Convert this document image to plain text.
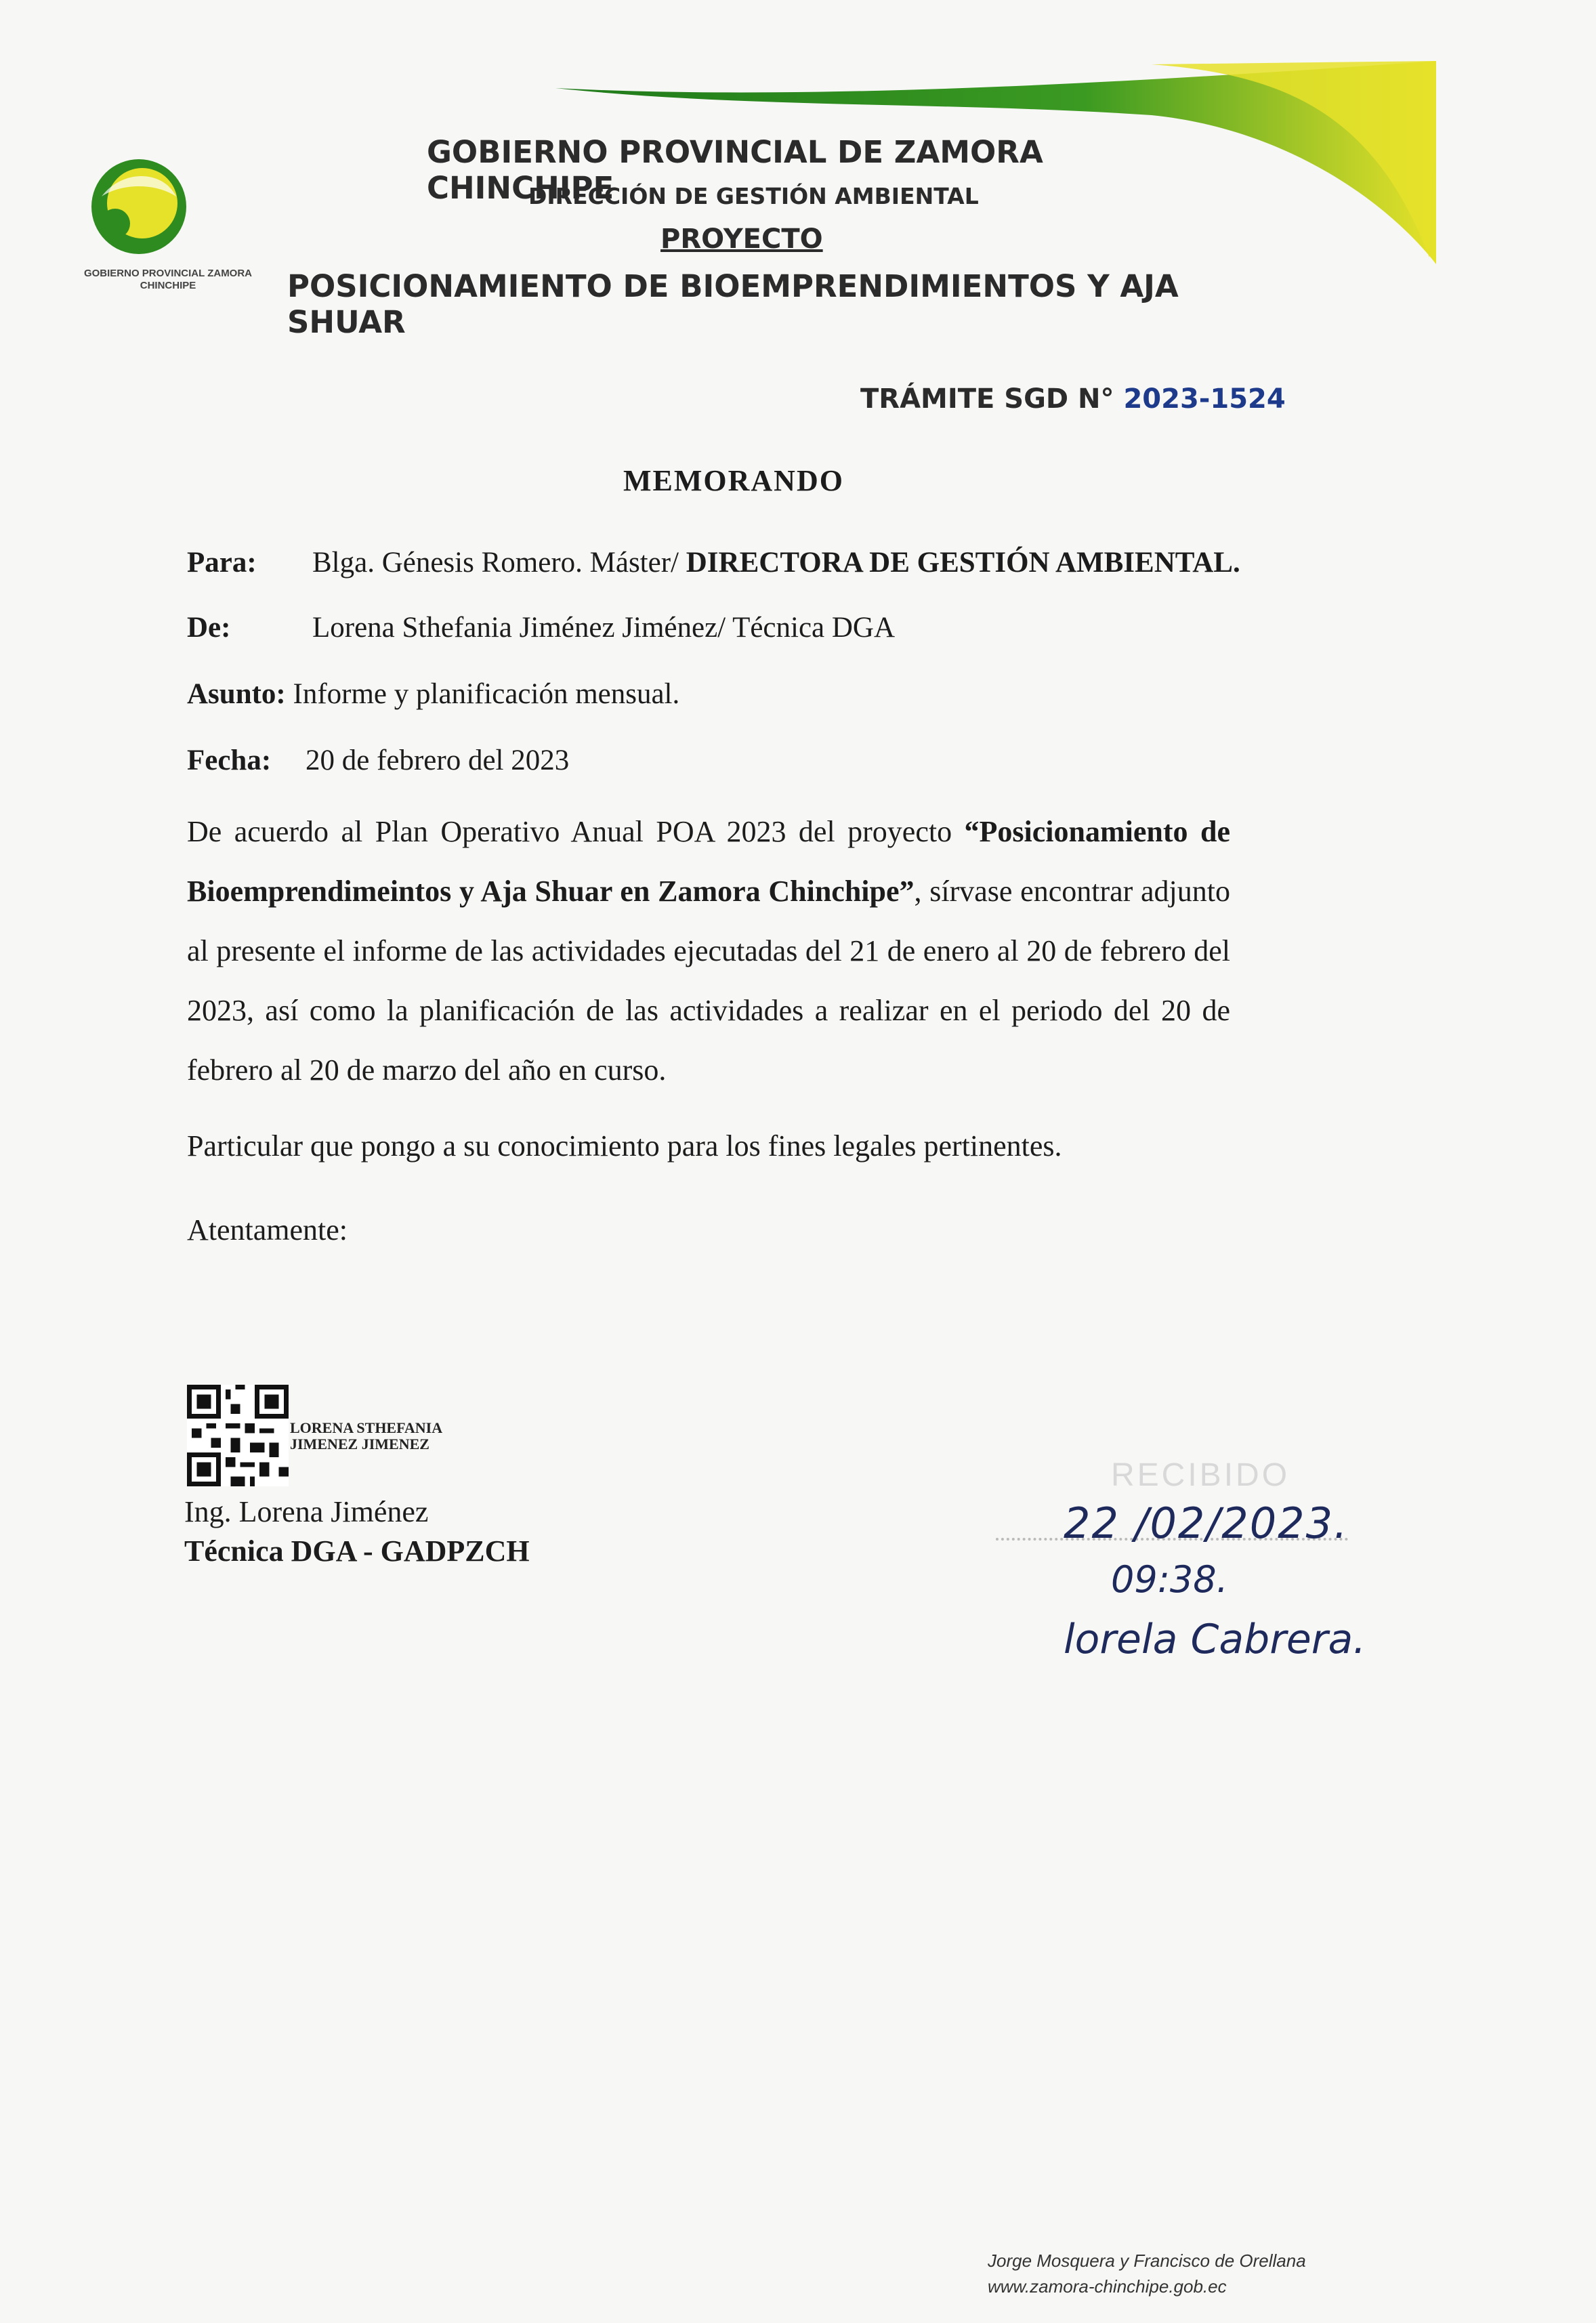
GOBIERNO PROVINCIAL ZAMORA CHINCHIPE
GOBIERNO PROVINCIAL DE ZAMORA CHINCHIPE
DIRECCIÓN DE GESTIÓN AMBIENTAL
PROYECTO
POSICIONAMIENTO DE BIOEMPRENDIMIENTOS Y AJA SHUAR
TRÁMITE SGD N° 2023-1524
MEMORANDO
Para: Blga. Génesis Romero. Máster/ DIRECTORA DE GESTIÓN AMBIENTAL.
De:	Lorena Sthefania Jiménez Jiménez/ Técnica DGA
Asunto: Informe y planificación mensual.
Fecha: 20 de febrero del 2023
De acuerdo al Plan Operativo Anual POA 2023 del proyecto “Posicionamiento de Bioemprendimeintos y Aja Shuar en Zamora Chinchipe”, sírvase encontrar adjunto al presente el informe de las actividades ejecutadas del 21 de enero al 20 de febrero del 2023, así como la planificación de las actividades a realizar en el periodo del 20 de febrero al 20 de marzo del año en curso.
Particular que pongo a su conocimiento para los fines legales pertinentes.
Atentamente:
LORENA STHEFANIA
JIMENEZ JIMENEZ
Ing. Lorena Jiménez
Técnica DGA - GADPZCH
RECIBIDO
22 /02/2023.
09:38.
lorela Cabrera.
Jorge Mosquera y Francisco de Orellana
www.zamora-chinchipe.gob.ec
